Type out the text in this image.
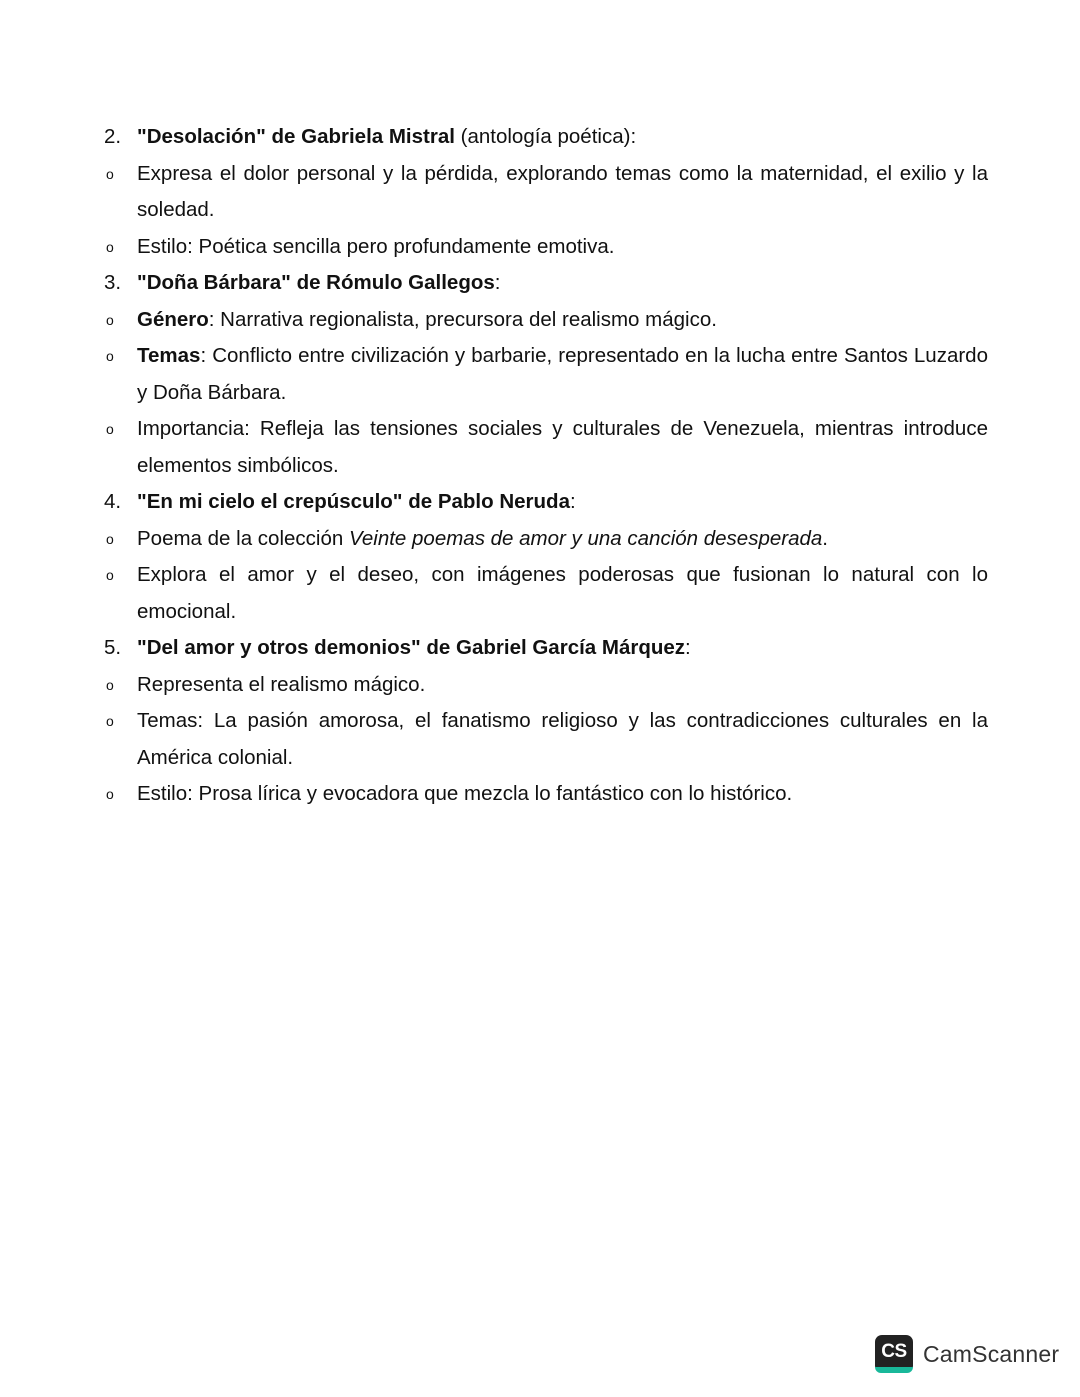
2. "Desolación" de Gabriela Mistral (antología poética):
o	Expresa el dolor personal y la pérdida, explorando temas como la maternidad, el exilio y la soledad.
o	Estilo: Poética sencilla pero profundamente emotiva.
3. "Doña Bárbara" de Rómulo Gallegos:
o	Género: Narrativa regionalista, precursora del realismo mágico.
o	Temas: Conflicto entre civilización y barbarie, representado en la lucha entre Santos Luzardo y Doña Bárbara.
o	Importancia: Refleja las tensiones sociales y culturales de Venezuela, mientras introduce elementos simbólicos.
4. "En mi cielo el crepúsculo" de Pablo Neruda:
o	Poema de la colección Veinte poemas de amor y una canción desesperada.
o	Explora el amor y el deseo, con imágenes poderosas que fusionan lo natural con lo emocional.
5. "Del amor y otros demonios" de Gabriel García Márquez:
o	Representa el realismo mágico.
o	Temas: La pasión amorosa, el fanatismo religioso y las contradicciones culturales en la América colonial.
o	Estilo: Prosa lírica y evocadora que mezcla lo fantástico con lo histórico.
CS CamScanner
